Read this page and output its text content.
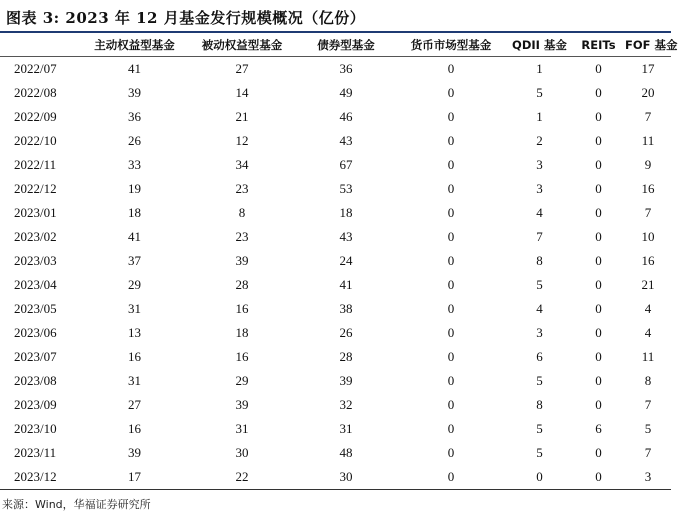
图表 3: 2023 年 12 月基金发行规模概况（亿份）
	主动权益型基金	被动权益型基金	债券型基金	货币市场型基金	QDII 基金	REITs	FOF 基金
2022/07	41	27	36	0	1	0	17
2022/08	39	14	49	0	5	0	20
2022/09	36	21	46	0	1	0	7
2022/10	26	12	43	0	2	0	11
2022/11	33	34	67	0	3	0	9
2022/12	19	23	53	0	3	0	16
2023/01	18	8	18	0	4	0	7
2023/02	41	23	43	0	7	0	10
2023/03	37	39	24	0	8	0	16
2023/04	29	28	41	0	5	0	21
2023/05	31	16	38	0	4	0	4
2023/06	13	18	26	0	3	0	4
2023/07	16	16	28	0	6	0	11
2023/08	31	29	39	0	5	0	8
2023/09	27	39	32	0	8	0	7
2023/10	16	31	31	0	5	6	5
2023/11	39	30	48	0	5	0	7
2023/12	17	22	30	0	0	0	3
来源：Wind，华福证券研究所
